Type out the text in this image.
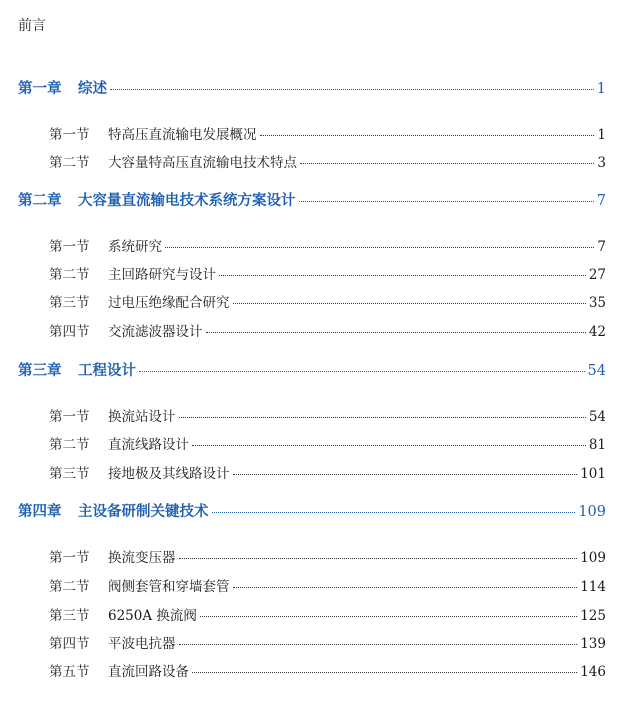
前言
第一章	综述	1
第一节	特高压直流输电发展概况	1
第二节	大容量特高压直流输电技术特点	3
第二章	大容量直流输电技术系统方案设计	7
第一节	系统研究	7
第二节	主回路研究与设计	27
第三节	过电压绝缘配合研究	35
第四节	交流滤波器设计	42
第三章	工程设计	54
第一节	换流站设计	54
第二节	直流线路设计	81
第三节	接地极及其线路设计	101
第四章	主设备研制关键技术	109
第一节	换流变压器	109
第二节	阀侧套管和穿墙套管	114
第三节	6250A 换流阀	125
第四节	平波电抗器	139
第五节	直流回路设备	146
